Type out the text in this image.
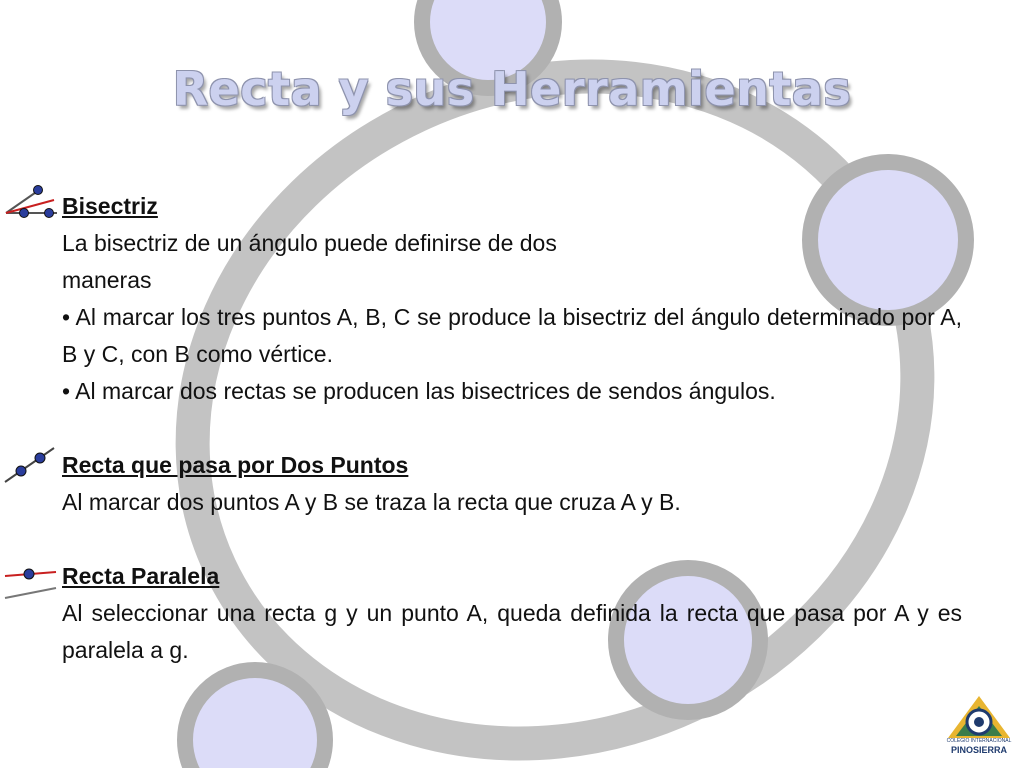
Recta y sus Herramientas

Bisectriz

La bisectriz de un ángulo puede definirse de dos

maneras

• Al marcar los tres puntos A, B, C se produce la bisectriz del ángulo determinado por A, B y C, con B como vértice.

• Al marcar dos rectas se producen las bisectrices de sendos ángulos.

Recta que pasa por Dos Puntos

Al marcar dos puntos A y B se traza la recta que cruza A y B.

Recta Paralela

Al seleccionar una recta g y un punto A, queda definida la recta que pasa por A y es paralela a g.

COLEGIO INTERNACIONAL
PINOSIERRA
